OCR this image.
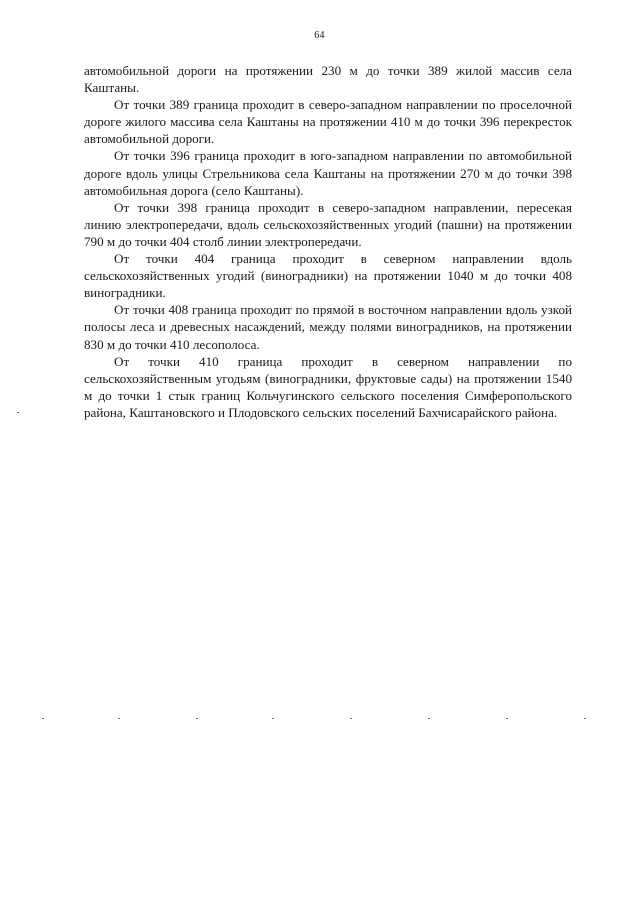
64

автомобильной дороги на протяжении 230 м до точки 389 жилой массив села Каштаны.

От точки 389 граница проходит в северо-западном направлении по проселочной дороге жилого массива села Каштаны на протяжении 410 м до точки 396 перекресток автомобильной дороги.

От точки 396 граница проходит в юго-западном направлении по автомобильной дороге вдоль улицы Стрельникова села Каштаны на протяжении 270 м до точки 398 автомобильная дорога (село Каштаны).

От точки 398 граница проходит в северо-западном направлении, пересекая линию электропередачи, вдоль сельскохозяйственных угодий (пашни) на протяжении 790 м до точки 404 столб линии электропередачи.

От точки 404 граница проходит в северном направлении вдоль сельскохозяйственных угодий (виноградники) на протяжении 1040 м до точки 408 виноградники.

От точки 408 граница проходит по прямой в восточном направлении вдоль узкой полосы леса и древесных насаждений, между полями виноградников, на протяжении 830 м до точки 410 лесополоса.

От точки 410 граница проходит в северном направлении по сельскохозяйственным угодьям (виноградники, фруктовые сады) на протяжении 1540 м до точки 1 стык границ Кольчугинского сельского поселения Симферопольского района, Каштановского и Плодовского сельских поселений Бахчисарайского района.
